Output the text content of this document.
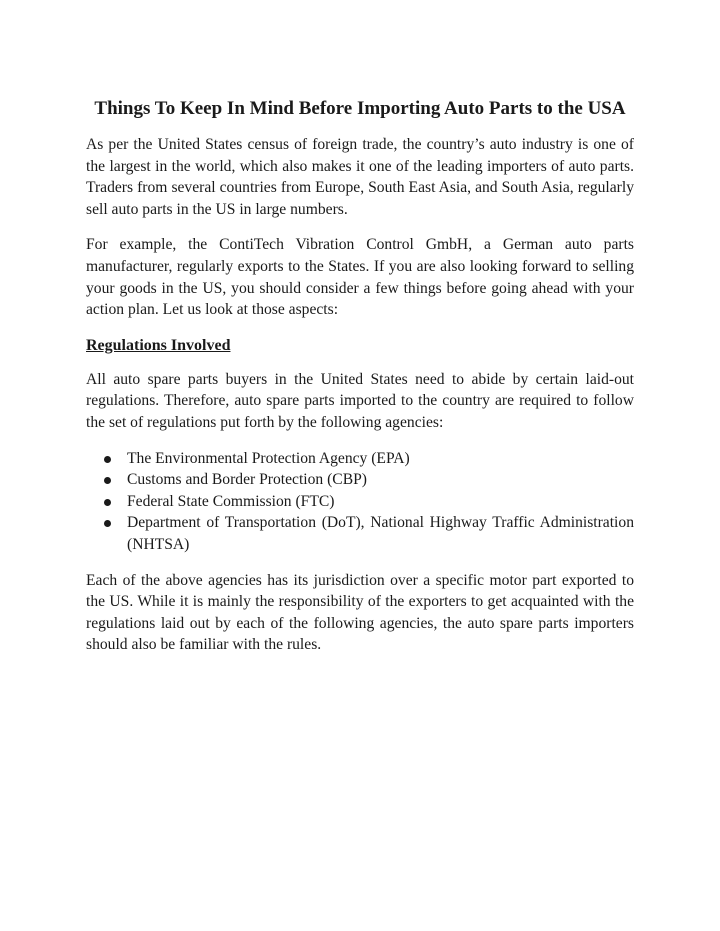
Things To Keep In Mind Before Importing Auto Parts to the USA

As per the United States census of foreign trade, the country’s auto industry is one of the largest in the world, which also makes it one of the leading importers of auto parts. Traders from several countries from Europe, South East Asia, and South Asia, regularly sell auto parts in the US in large numbers.

For example, the ContiTech Vibration Control GmbH, a German auto parts manufacturer, regularly exports to the States. If you are also looking forward to selling your goods in the US, you should consider a few things before going ahead with your action plan. Let us look at those aspects:

Regulations Involved

All auto spare parts buyers in the United States need to abide by certain laid-out regulations. Therefore, auto spare parts imported to the country are required to follow the set of regulations put forth by the following agencies:

The Environmental Protection Agency (EPA)
Customs and Border Protection (CBP)
Federal State Commission (FTC)
Department of Transportation (DoT), National Highway Traffic Administration (NHTSA)

Each of the above agencies has its jurisdiction over a specific motor part exported to the US. While it is mainly the responsibility of the exporters to get acquainted with the regulations laid out by each of the following agencies, the auto spare parts importers should also be familiar with the rules.
